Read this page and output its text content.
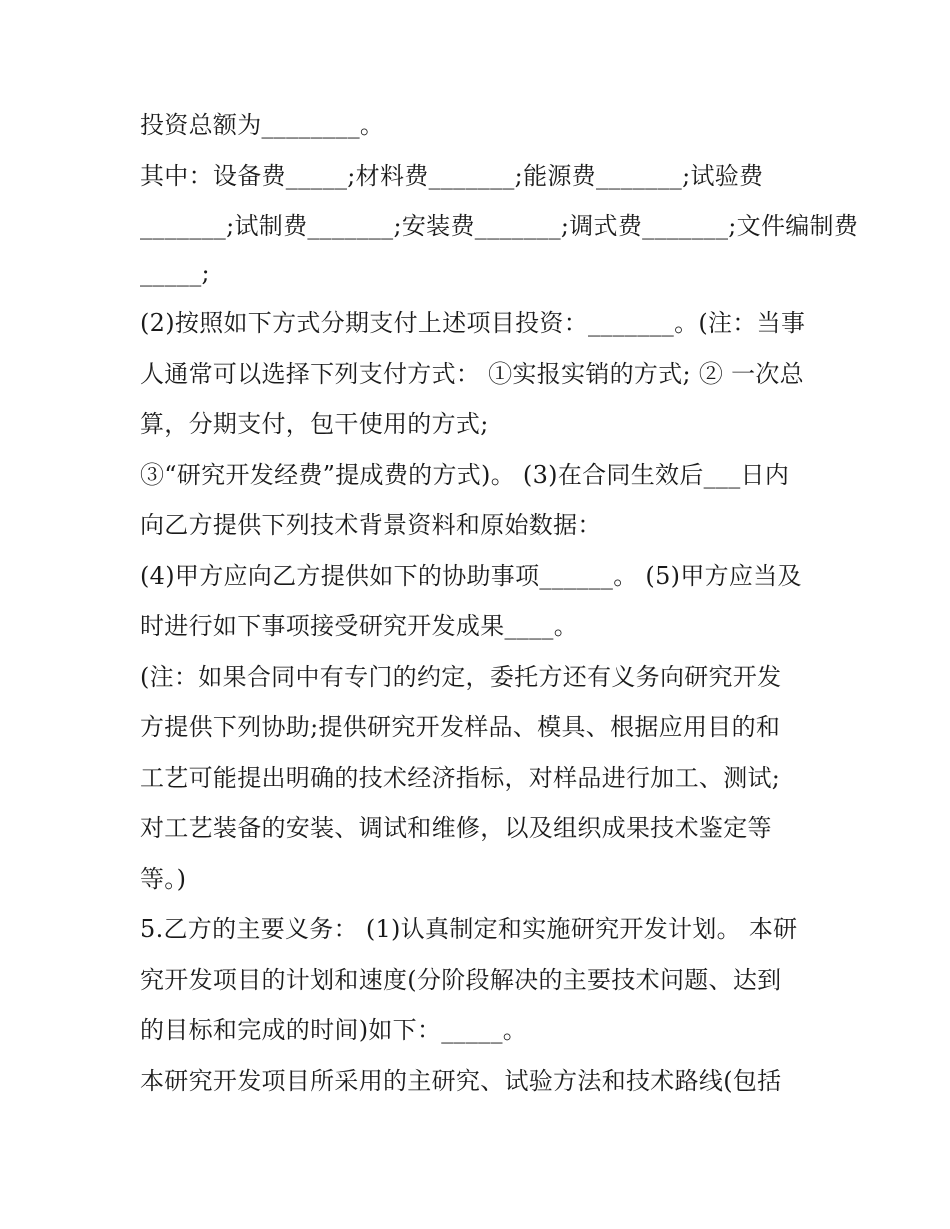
投资总额为________。
其中：设备费_____;材料费_______;能源费_______;试验费
_______;试制费_______;安装费_______;调式费_______;文件编制费
_____;
(2)按照如下方式分期支付上述项目投资：_______。(注：当事
人通常可以选择下列支付方式： ①实报实销的方式; ② 一次总
算，分期支付，包干使用的方式;
③“研究开发经费”提成费的方式)。 (3)在合同生效后___日内
向乙方提供下列技术背景资料和原始数据：
(4)甲方应向乙方提供如下的协助事项______。 (5)甲方应当及
时进行如下事项接受研究开发成果____。
(注：如果合同中有专门的约定，委托方还有义务向研究开发
方提供下列协助;提供研究开发样品、模具、根据应用目的和
工艺可能提出明确的技术经济指标，对样品进行加工、测试;
对工艺装备的安装、调试和维修，以及组织成果技术鉴定等
等。)
5.乙方的主要义务： (1)认真制定和实施研究开发计划。 本研
究开发项目的计划和速度(分阶段解决的主要技术问题、达到
的目标和完成的时间)如下：_____。
本研究开发项目所采用的主研究、试验方法和技术路线(包括
